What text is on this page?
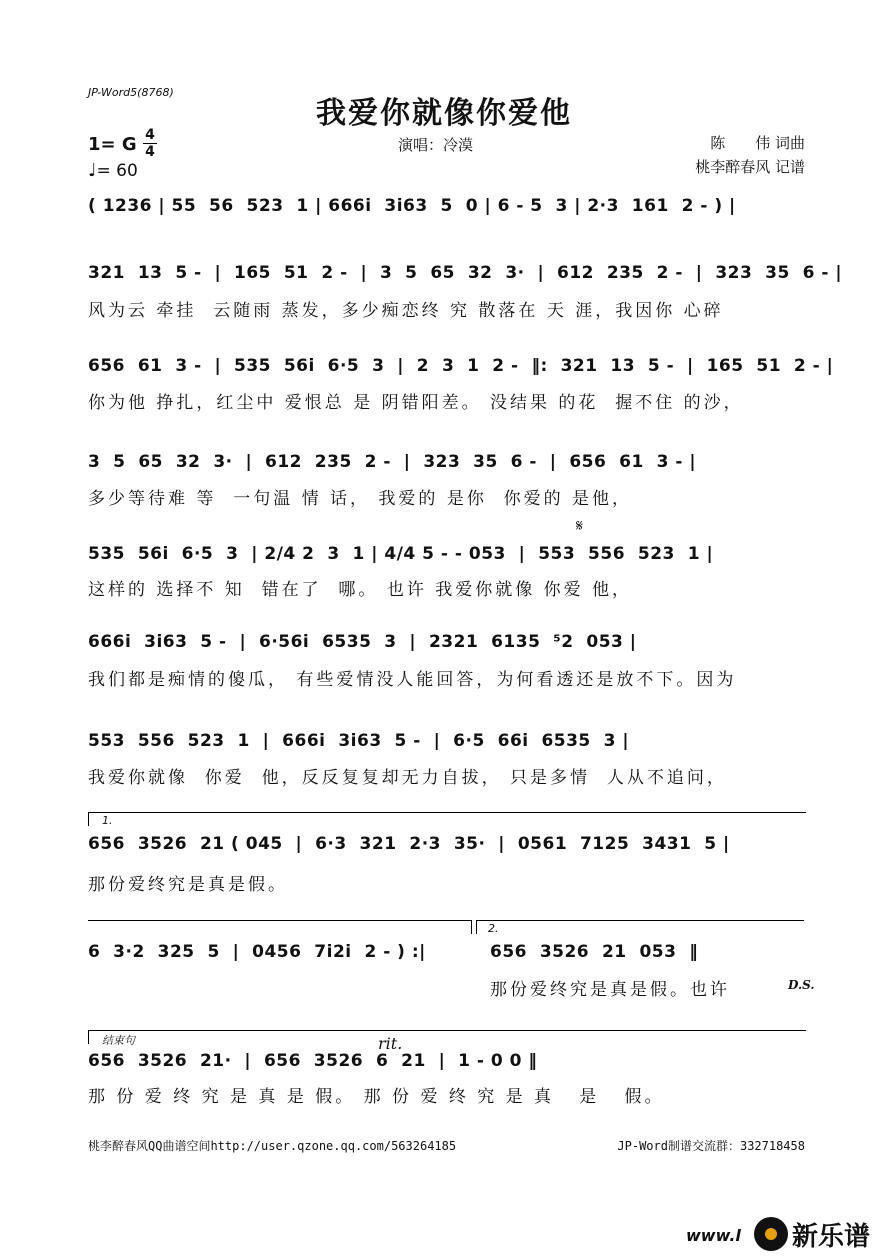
JP-Word5(8768)
我爱你就像你爱他
演唱：冷漠	陈　　伟 词曲
桃李醉春风 记谱
1= G 4
4
♩= 60
( 1236 | 55  56  523  1 | 666i  3i63  5  0 | 6 - 5  3 | 2·3  161  2 - ) |
321  13  5 -  |  165  51  2 -  |  3  5  65  32  3·  |  612  235  2 -  |  323  35  6 - |
风为云 牵挂  云随雨 蒸发，多少痴恋终 究 散落在 天 涯，我因你 心碎
656  61  3 -  |  535  56i  6·5  3  |  2  3  1  2 -  ‖:  321  13  5 -  |  165  51  2 - |
你为他 挣扎，红尘中 爱恨总 是 阴错阳差。 没结果 的花  握不住 的沙，
3  5  65  32  3·  |  612  235  2 -  |  323  35  6 -  |  656  61  3 - |
多少等待难 等  一句温 情 话， 我爱的 是你  你爱的 是他，
𝄋
535  56i  6·5  3  | 2/4 2  3  1 | 4/4 5 - - 053  |  553  556  523  1 |
这样的 选择不 知  错在了  哪。 也许 我爱你就像 你爱 他，
666i  3i63  5 -  |  6·56i  6535  3  |  2321  6135  ⁵2  053 |
我们都是痴情的傻瓜， 有些爱情没人能回答，为何看透还是放不下。因为
553  556  523  1  |  666i  3i63  5 -  |  6·5  66i  6535  3 |
我爱你就像  你爱  他，反反复复却无力自拔， 只是多情  人从不追问，
1.
656  3526  21 ( 045  |  6·3  321  2·3  35·  |  0561  7125  3431  5 |
那份爱终究是真是假。
6  3·2  325  5  |  0456  7i2i  2 - ) :|
2.
656  3526  21  053  ‖
那份爱终究是真是假。也许	D.S.
结束句	rit.
656  3526  21·  |  656  3526  6  21  |  1 - 0 0 ‖
那 份 爱 终 究 是 真 是 假。 那 份 爱 终 究 是 真   是   假。
桃李醉春风QQ曲谱空间http://user.qzone.qq.com/563264185	JP-Word制谱交流群：332718458
www.l 新乐谱
